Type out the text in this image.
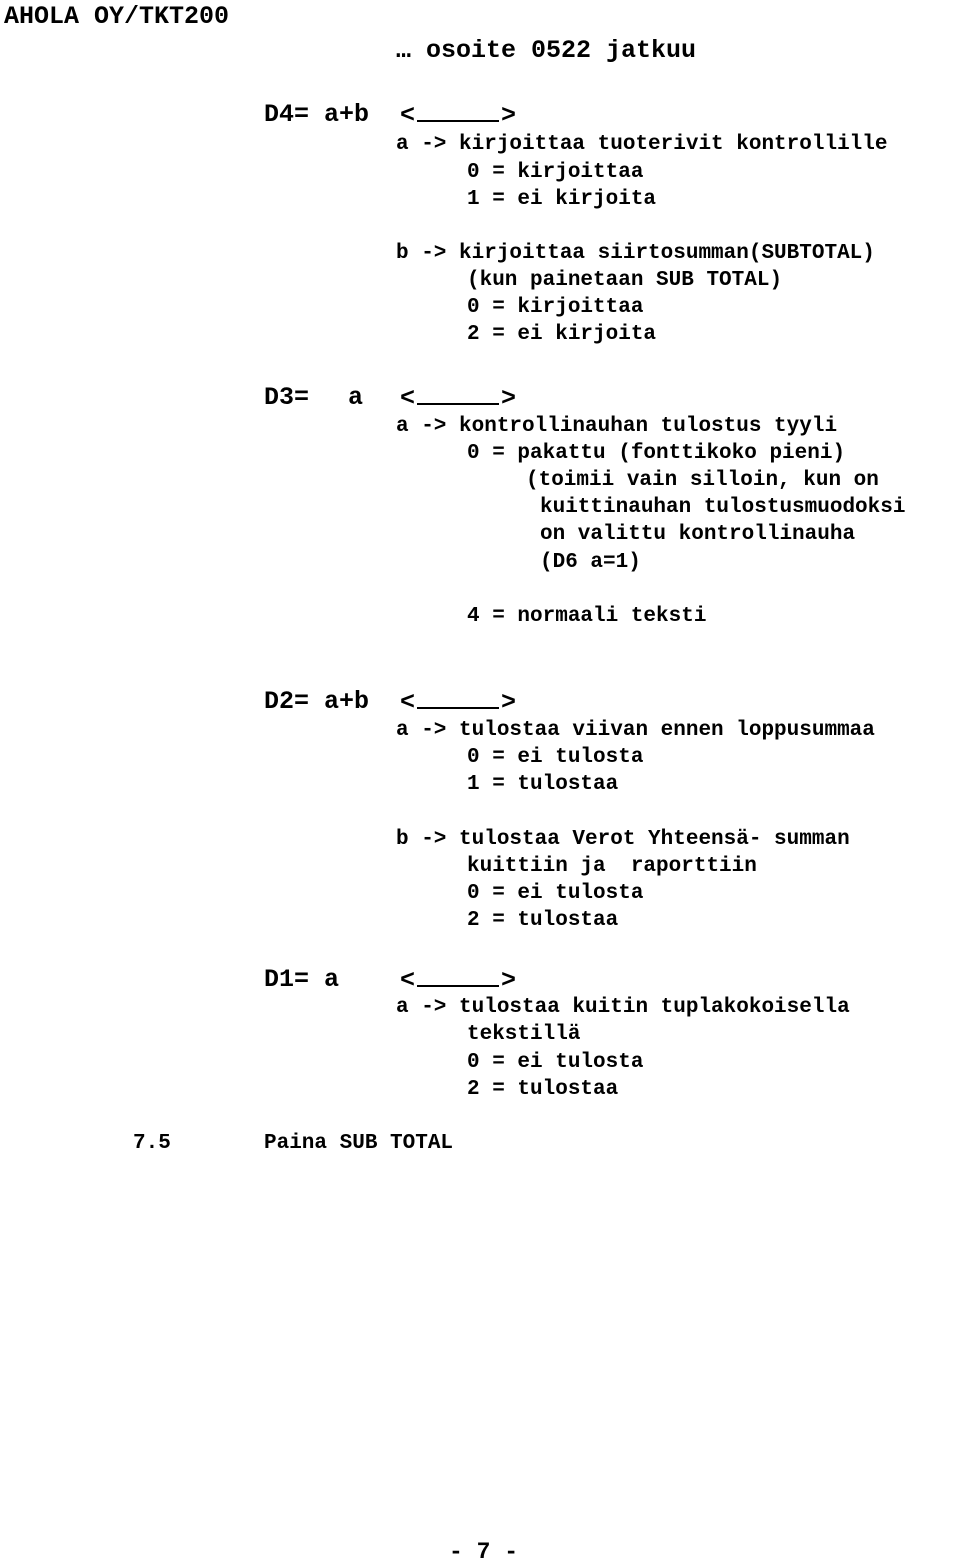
AHOLA OY/TKT200
… osoite 0522 jatkuu
D4= a+b <	>
a -> kirjoittaa tuoterivit kontrollille
0 = kirjoittaa
1 = ei kirjoita
b -> kirjoittaa siirtosumman(SUBTOTAL)
(kun painetaan SUB TOTAL)
0 = kirjoittaa
2 = ei kirjoita
D3= a <	>
a -> kontrollinauhan tulostus tyyli
0 = pakattu (fonttikoko pieni)
(toimii vain silloin, kun on
kuittinauhan tulostusmuodoksi
on valittu kontrollinauha
(D6 a=1)
4 = normaali teksti
D2= a+b <	>
a -> tulostaa viivan ennen loppusummaa
0 = ei tulosta
1 = tulostaa
b -> tulostaa Verot Yhteensä- summan
kuittiin ja  raporttiin
0 = ei tulosta
2 = tulostaa
D1= a <	>
a -> tulostaa kuitin tuplakokoisella
tekstillä
0 = ei tulosta
2 = tulostaa
7.5	Paina SUB TOTAL
- 7 -
